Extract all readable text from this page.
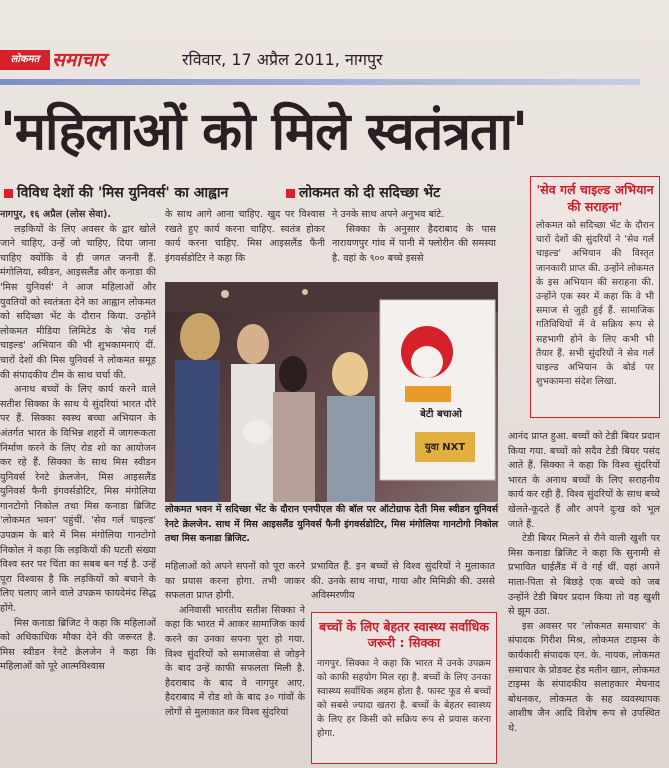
लोकमत समाचार	रविवार, 17 अप्रैल 2011, नागपुर
'महिलाओं को मिले स्वतंत्रता'
विविध देशों की 'मिस युनिवर्स' का आह्वान	लोकमत को दी सदिच्छा भेंट

नागपुर, १६ अप्रैल (लोस सेवा).

लड़कियों के लिए अवसर के द्वार खोले जाने चाहिए, उन्हें जो चाहिए, दिया जाना चाहिए क्योंकि वे ही जगत जननी हैं. मंगोलिया, स्वीडन, आइसलैंड और कनाडा की 'मिस युनिवर्स' ने आज महिलाओं और युवतियों को स्वतंत्रता देने का आह्वान लोकमत को सदिच्छा भेंट के दौरान किया. उन्होंने लोकमत मीडिया लिमिटेड के 'सेव गर्ल चाइल्ड' अभियान की भी शुभकामनाएं दीं. चारों देशों की मिस युनिवर्स ने लोकमत समूह की संपादकीय टीम के साथ चर्चा की.

अनाथ बच्चों के लिए कार्य करने वाले सतीश सिक्का के साथ ये सुंदरियां भारत दौरे पर हैं. सिक्का स्वस्थ बच्चा अभियान के अंतर्गत भारत के विभिन्न शहरों में जागरूकता निर्माण करने के लिए रोड शो का आयोजन कर रहे हैं. सिक्का के साथ मिस स्वीडन युनिवर्स रेनटे क्रेलजेन, मिस आइसलैंड युनिवर्स फैनी इंगवर्सडोटिर, मिस मंगोलिया गानटोगो निकोल तथा मिस कनाडा ब्रिजिट 'लोकमत भवन' पहुंचीं. 'सेव गर्ल चाइल्ड' उपक्रम के बारे में मिस मंगोलिया गानटोगो निकोल ने कहा कि लड़कियों की घटती संख्या विश्व स्तर पर चिंता का सबब बन गई है. उन्हें पूरा विश्वास है कि लड़कियों को बचाने के लिए चलाए जाने वाले उपक्रम फायदेमंद सिद्ध होंगे.

मिस कनाडा ब्रिजिट ने कहा कि महिलाओं को अधिकाधिक मौका देने की जरूरत है. मिस स्वीडन रेनटे क्रेलजेन ने कहा कि महिलाओं को पूरे आत्मविश्वास

के साथ आगे आना चाहिए. खुद पर विश्वास रखते हुए कार्य करना चाहिए. स्वतंत्र होकर कार्य करना चाहिए. मिस आइसलैंड फैनी इंगवर्सडोटिर ने कहा कि

ने उनके साथ अपने अनुभव बांटे.

सिक्का के अनुसार हैदराबाद के पास नारायणपुर गांव में पानी में फ्लोरीन की समस्या है. वहां के ९०० बच्चे इससे

'सेव गर्ल चाइल्ड अभियान की सराहना'
लोकमत को सदिच्छा भेंट के दौरान चारों देशों की सुंदरियों ने 'सेव गर्ल चाइल्ड' अभियान की विस्तृत जानकारी प्राप्त की. उन्होंने लोकमत के इस अभियान की सराहना की. उन्होंने एक स्वर में कहा कि वे भी समाज से जुड़ी हुई हैं. सामाजिक गतिविधियों में वे सक्रिय रूप से सहभागी होने के लिए कभी भी तैयार हैं. सभी सुंदरियों ने सेव गर्ल चाइल्ड अभियान के बोर्ड पर शुभकामना संदेश लिखा.
बेटी बचाओ
युवा NXT
लोकमत भवन में सदिच्छा भेंट के दौरान एनपीएल की बॉल पर ऑटोग्राफ देती मिस स्वीडन युनिवर्स रेनटे क्रेलजेन. साथ में मिस आइसलैंड युनिवर्स फैनी इंगवर्सडोटिर, मिस मंगोलिया गानटोगो निकोल तथा मिस कनाडा ब्रिजिट.

महिलाओं को अपने सपनों को पूरा करने का प्रयास करना होगा. तभी जाकर सफलता प्राप्त होगी.

अनिवासी भारतीय सतीश सिक्का ने कहा कि भारत में आकर सामाजिक कार्य करने का उनका सपना पूरा हो गया. विश्व सुंदरियों को समाजसेवा से जोड़ने के बाद उन्हें काफी सफलता मिली है. हैदराबाद के बाद वे नागपुर आए. हैदराबाद में रोड शो के बाद ३० गांवों के लोगों से मुलाकात कर विश्व सुंदरियां

प्रभावित हैं. इन बच्चों से विश्व सुंदरियों ने मुलाकात की. उनके साथ नाचा, गाया और मिमिक्री की. उससे अविस्मरणीय

बच्चों के लिए बेहतर स्वास्थ्य सर्वाधिक जरूरी : सिक्का
नागपुर. सिक्का ने कहा कि भारत में उनके उपक्रम को काफी सहयोग मिल रहा है. बच्चों के लिए उनका स्वास्थ्य सर्वाधिक अहम होता है. फास्ट फूड से बच्चों को सबसे ज्यादा खतरा है. बच्चों के बेहतर स्वास्थ्य के लिए हर किसी को सक्रिय रूप से प्रयास करना होगा.

आनंद प्राप्त हुआ. बच्चों को टेडी बियर प्रदान किया गया. बच्चों को सदैव टेडी बियर पसंद आते हैं. सिक्का ने कहा कि विश्व सुंदरियों भारत के अनाथ बच्चों के लिए सराहनीय कार्य कर रही हैं. विश्व सुंदरियों के साथ बच्चे खेलते-कूदते हैं और अपने दुःख को भूल जाते हैं.

टेडी बियर मिलने से रौने वाली खुशी पर मिस कनाडा ब्रिजिट ने कहा कि सुनामी से प्रभावित थाईलैंड में वे गई थीं. वहां अपने माता-पिता से बिछड़े एक बच्चे को जब उन्होंने टेडी बियर प्रदान किया तो वह खुशी से झूम उठा.

इस अवसर पर 'लोकमत समाचार' के संपादक गिरीश मिश्र, लोकमत टाइम्स के कार्यकारी संपादक एन. के. नायक, लोकमत समाचार के प्रोडक्ट हेड मतीन खान, लोकमत टाइम्स के संपादकीय सलाहकार मेघनाद बोधनकर, लोकमत के सह व्यवस्थापक आशीष जैन आदि विशेष रूप से उपस्थित थे.
